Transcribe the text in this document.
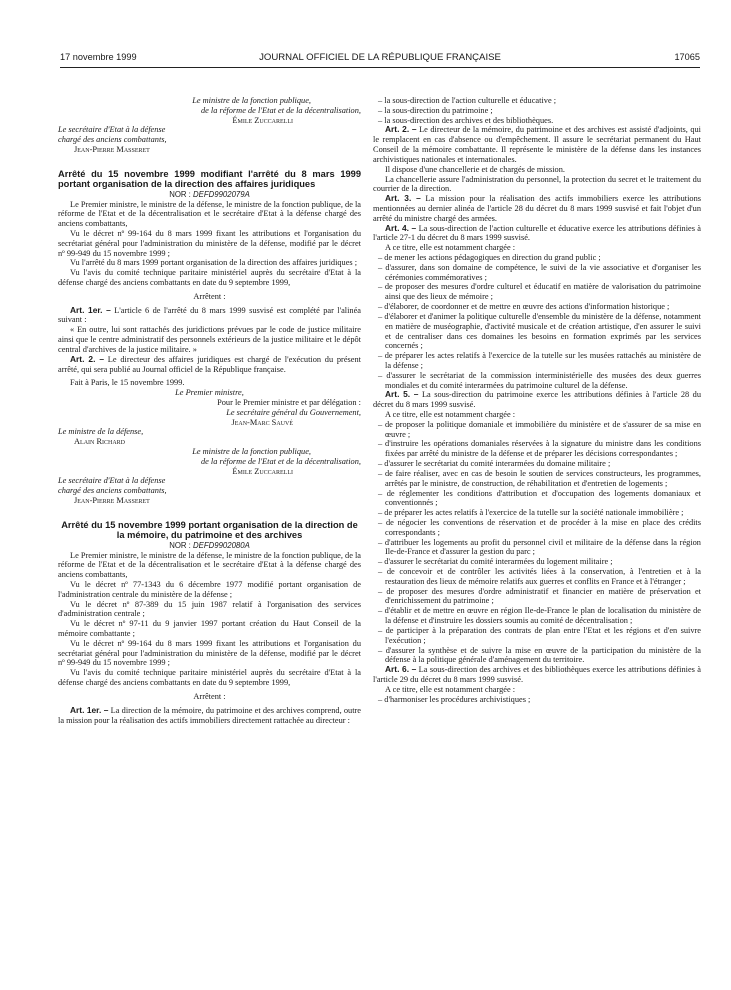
17 novembre 1999	JOURNAL OFFICIEL DE LA RÉPUBLIQUE FRANÇAISE	17065
Le ministre de la fonction publique,
de la réforme de l'Etat et de la décentralisation,
Émile Zuccarelli
Le secrétaire d'Etat à la défense
chargé des anciens combattants,
Jean-Pierre Masseret
Arrêté du 15 novembre 1999 modifiant l'arrêté du 8 mars 1999 portant organisation de la direction des affaires juridiques
NOR : DEFD9902079A

Le Premier ministre, le ministre de la défense, le ministre de la fonction publique, de la réforme de l'Etat et de la décentralisation et le secrétaire d'Etat à la défense chargé des anciens combattants,

Vu le décret nº 99-164 du 8 mars 1999 fixant les attributions et l'organisation du secrétariat général pour l'administration du ministère de la défense, modifié par le décret nº 99-949 du 15 novembre 1999 ;

Vu l'arrêté du 8 mars 1999 portant organisation de la direction des affaires juridiques ;

Vu l'avis du comité technique paritaire ministériel auprès du secrétaire d'Etat à la défense chargé des anciens combattants en date du 9 septembre 1999,

Arrêtent :

Art. 1er. – L'article 6 de l'arrêté du 8 mars 1999 susvisé est complété par l'alinéa suivant :

« En outre, lui sont rattachés des juridictions prévues par le code de justice militaire ainsi que le centre administratif des personnels extérieurs de la justice militaire et le dépôt central d'archives de la justice militaire. »

Art. 2. – Le directeur des affaires juridiques est chargé de l'exécution du présent arrêté, qui sera publié au Journal officiel de la République française.

Fait à Paris, le 15 novembre 1999.

Le Premier ministre,
Pour le Premier ministre et par délégation :
Le secrétaire général du Gouvernement,
Jean-Marc Sauvé
Le ministre de la défense,
Alain Richard
Le ministre de la fonction publique,
de la réforme de l'Etat et de la décentralisation,
Émile Zuccarelli
Le secrétaire d'Etat à la défense
chargé des anciens combattants,
Jean-Pierre Masseret
Arrêté du 15 novembre 1999 portant organisation de la direction de la mémoire, du patrimoine et des archives
NOR : DEFD9902080A

Le Premier ministre, le ministre de la défense, le ministre de la fonction publique, de la réforme de l'Etat et de la décentralisation et le secrétaire d'Etat à la défense chargé des anciens combattants,

Vu le décret nº 77-1343 du 6 décembre 1977 modifié portant organisation de l'administration centrale du ministère de la défense ;

Vu le décret nº 87-389 du 15 juin 1987 relatif à l'organisation des services d'administration centrale ;

Vu le décret nº 97-11 du 9 janvier 1997 portant création du Haut Conseil de la mémoire combattante ;

Vu le décret nº 99-164 du 8 mars 1999 fixant les attributions et l'organisation du secrétariat général pour l'administration du ministère de la défense, modifié par le décret nº 99-949 du 15 novembre 1999 ;

Vu l'avis du comité technique paritaire ministériel auprès du secrétaire d'Etat à la défense chargé des anciens combattants en date du 9 septembre 1999,

Arrêtent :

Art. 1er. – La direction de la mémoire, du patrimoine et des archives comprend, outre la mission pour la réalisation des actifs immobiliers directement rattachée au directeur :

– la sous-direction de l'action culturelle et éducative ;
– la sous-direction du patrimoine ;
– la sous-direction des archives et des bibliothèques.

Art. 2. – Le directeur de la mémoire, du patrimoine et des archives est assisté d'adjoints, qui le remplacent en cas d'absence ou d'empêchement. Il assure le secrétariat permanent du Haut Conseil de la mémoire combattante. Il représente le ministère de la défense dans les instances archivistiques nationales et internationales.

Il dispose d'une chancellerie et de chargés de mission.

La chancellerie assure l'administration du personnel, la protection du secret et le traitement du courrier de la direction.

Art. 3. – La mission pour la réalisation des actifs immobiliers exerce les attributions mentionnées au dernier alinéa de l'article 28 du décret du 8 mars 1999 susvisé et fait l'objet d'un arrêté du ministre chargé des armées.

Art. 4. – La sous-direction de l'action culturelle et éducative exerce les attributions définies à l'article 27-1 du décret du 8 mars 1999 susvisé.

A ce titre, elle est notamment chargée :

– de mener les actions pédagogiques en direction du grand public ;
– d'assurer, dans son domaine de compétence, le suivi de la vie associative et d'organiser les cérémonies commémoratives ;
– de proposer des mesures d'ordre culturel et éducatif en matière de valorisation du patrimoine ainsi que des lieux de mémoire ;
– d'élaborer, de coordonner et de mettre en œuvre des actions d'information historique ;
– d'élaborer et d'animer la politique culturelle d'ensemble du ministère de la défense, notamment en matière de muséographie, d'activité musicale et de création artistique, d'en assurer le suivi et de centraliser dans ces domaines les besoins en formation exprimés par les services concernés ;
– de préparer les actes relatifs à l'exercice de la tutelle sur les musées rattachés au ministère de la défense ;
– d'assurer le secrétariat de la commission interministérielle des musées des deux guerres mondiales et du comité interarmées du patrimoine culturel de la défense.

Art. 5. – La sous-direction du patrimoine exerce les attributions définies à l'article 28 du décret du 8 mars 1999 susvisé.

A ce titre, elle est notamment chargée :

– de proposer la politique domaniale et immobilière du ministère et de s'assurer de sa mise en œuvre ;
– d'instruire les opérations domaniales réservées à la signature du ministre dans les conditions fixées par arrêté du ministre de la défense et de préparer les décisions correspondantes ;
– d'assurer le secrétariat du comité interarmées du domaine militaire ;
– de faire réaliser, avec en cas de besoin le soutien de services constructeurs, les programmes, arrêtés par le ministre, de construction, de réhabilitation et d'entretien de logements ;
– de réglementer les conditions d'attribution et d'occupation des logements domaniaux et conventionnés ;
– de préparer les actes relatifs à l'exercice de la tutelle sur la société nationale immobilière ;
– de négocier les conventions de réservation et de procéder à la mise en place des crédits correspondants ;
– d'attribuer les logements au profit du personnel civil et militaire de la défense dans la région Ile-de-France et d'assurer la gestion du parc ;
– d'assurer le secrétariat du comité interarmées du logement militaire ;
– de concevoir et de contrôler les activités liées à la conservation, à l'entretien et à la restauration des lieux de mémoire relatifs aux guerres et conflits en France et à l'étranger ;
– de proposer des mesures d'ordre administratif et financier en matière de préservation et d'enrichissement du patrimoine ;
– d'établir et de mettre en œuvre en région Ile-de-France le plan de localisation du ministère de la défense et d'instruire les dossiers soumis au comité de décentralisation ;
– de participer à la préparation des contrats de plan entre l'Etat et les régions et d'en suivre l'exécution ;
– d'assurer la synthèse et de suivre la mise en œuvre de la participation du ministère de la défense à la politique générale d'aménagement du territoire.

Art. 6. – La sous-direction des archives et des bibliothèques exerce les attributions définies à l'article 29 du décret du 8 mars 1999 susvisé.

A ce titre, elle est notamment chargée :

– d'harmoniser les procédures archivistiques ;
